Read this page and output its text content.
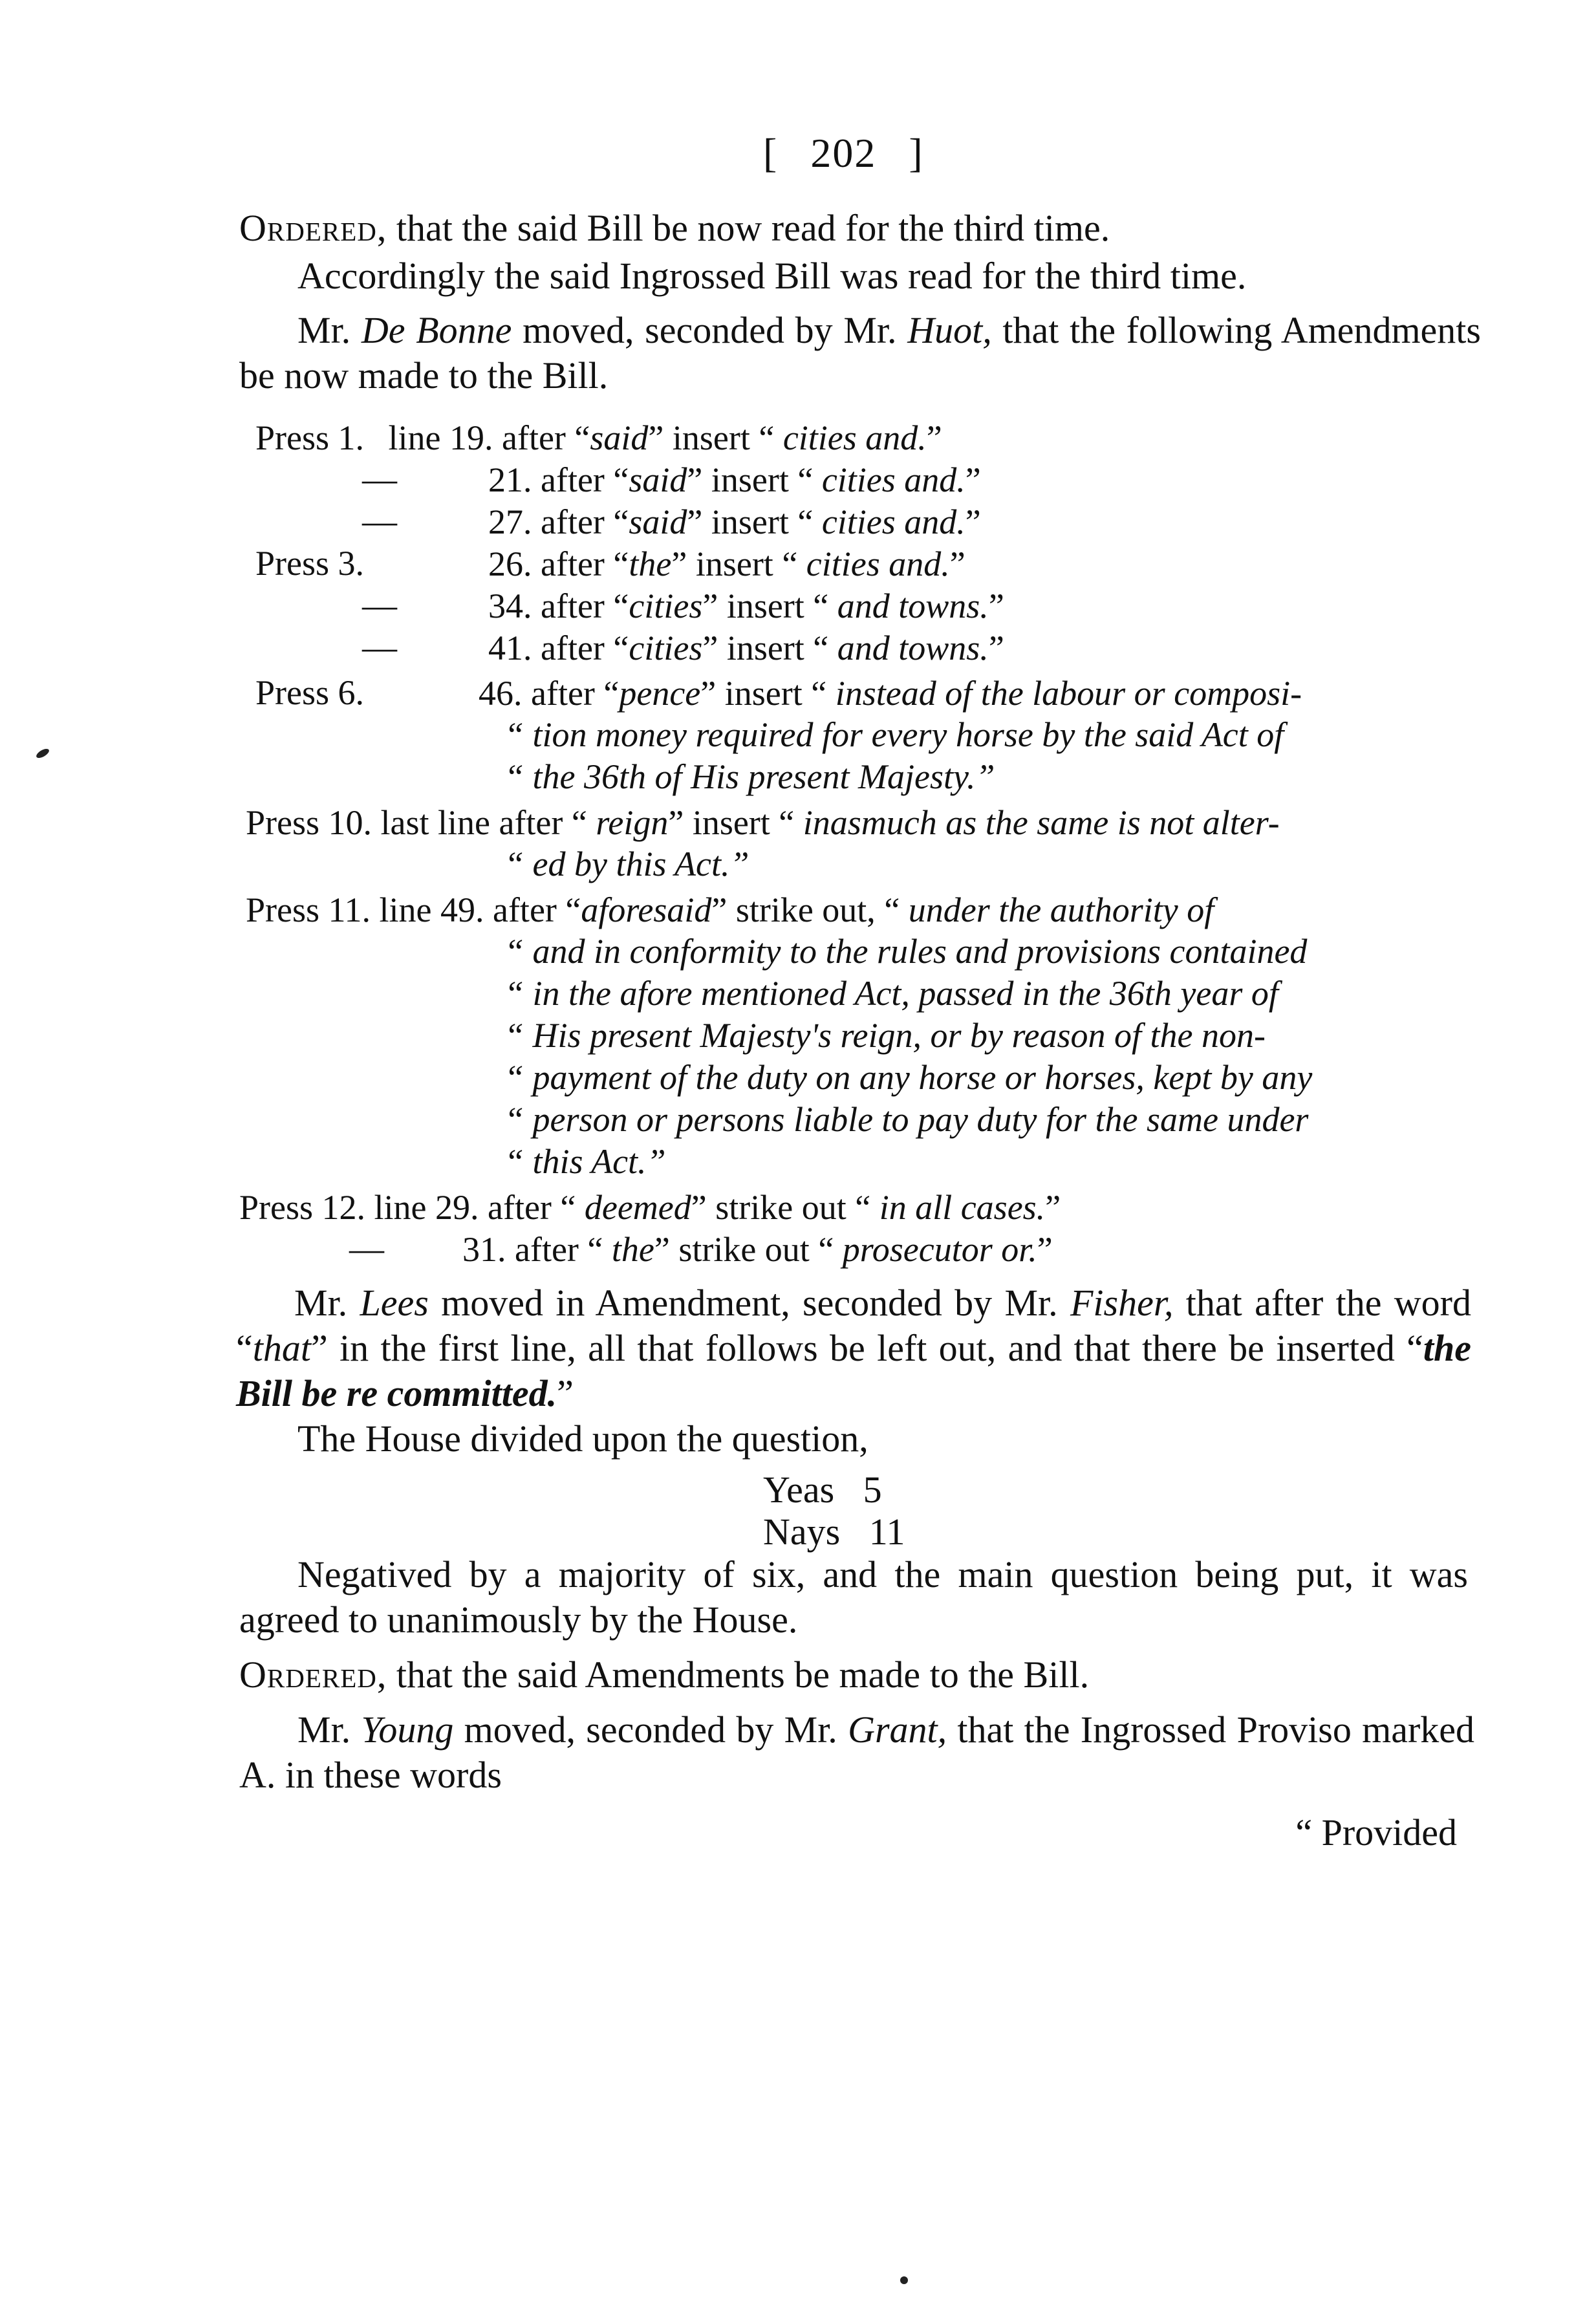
[ 202 ]
Ordered, that the said Bill be now read for the third time.
Accordingly the said Ingrossed Bill was read for the third time.
Mr. De Bonne moved, seconded by Mr. Huot, that the following Amendments be now made to the Bill.
Press 1. line 19. after “said” insert “ cities and.”
—	21. after “said” insert “ cities and.”
—	27. after “said” insert “ cities and.”
Press 3.	26. after “the” insert “ cities and.”
—	34. after “cities” insert “ and towns.”
—	41. after “cities” insert “ and towns.”
Press 6.	46. after “pence” insert “ instead of the labour or composi-
“ tion money required for every horse by the said Act of
“ the 36th of His present Majesty.”
Press 10. last line after “ reign” insert “ inasmuch as the same is not alter-
“ ed by this Act.”
Press 11. line 49. after “aforesaid” strike out, “ under the authority of
“ and in conformity to the rules and provisions contained
“ in the afore mentioned Act, passed in the 36th year of
“ His present Majesty's reign, or by reason of the non-
“ payment of the duty on any horse or horses, kept by any
“ person or persons liable to pay duty for the same under
“ this Act.”
Press 12. line 29. after “ deemed” strike out “ in all cases.”
— 31. after “ the” strike out “ prosecutor or.”
Mr. Lees moved in Amendment, seconded by Mr. Fisher, that after the word “that” in the first line, all that follows be left out, and that there be inserted “the Bill be re committed.”
The House divided upon the question,
Yeas 5
Nays 11
Negatived by a majority of six, and the main question being put, it was agreed to unanimously by the House.
Ordered, that the said Amendments be made to the Bill.
Mr. Young moved, seconded by Mr. Grant, that the Ingrossed Proviso marked A. in these words
“ Provided
